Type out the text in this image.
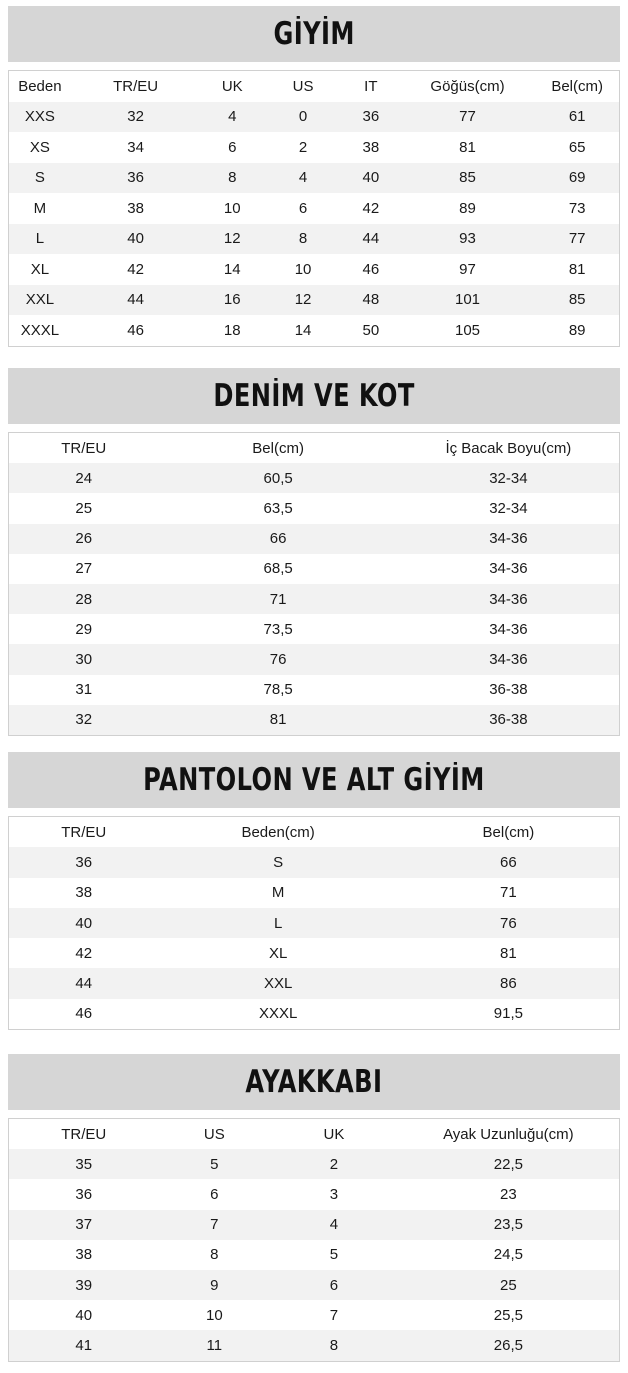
GİYİM
Beden	TR/EU	UK	US	IT	Göğüs(cm)	Bel(cm)
XXS	32	4	0	36	77	61
XS	34	6	2	38	81	65
S	36	8	4	40	85	69
M	38	10	6	42	89	73
L	40	12	8	44	93	77
XL	42	14	10	46	97	81
XXL	44	16	12	48	101	85
XXXL	46	18	14	50	105	89
DENİM VE KOT
TR/EU	Bel(cm)	İç Bacak Boyu(cm)
24	60,5	32-34
25	63,5	32-34
26	66	34-36
27	68,5	34-36
28	71	34-36
29	73,5	34-36
30	76	34-36
31	78,5	36-38
32	81	36-38
PANTOLON VE ALT GİYİM
TR/EU	Beden(cm)	Bel(cm)
36	S	66
38	M	71
40	L	76
42	XL	81
44	XXL	86
46	XXXL	91,5
AYAKKABI
TR/EU	US	UK	Ayak Uzunluğu(cm)
35	5	2	22,5
36	6	3	23
37	7	4	23,5
38	8	5	24,5
39	9	6	25
40	10	7	25,5
41	11	8	26,5
